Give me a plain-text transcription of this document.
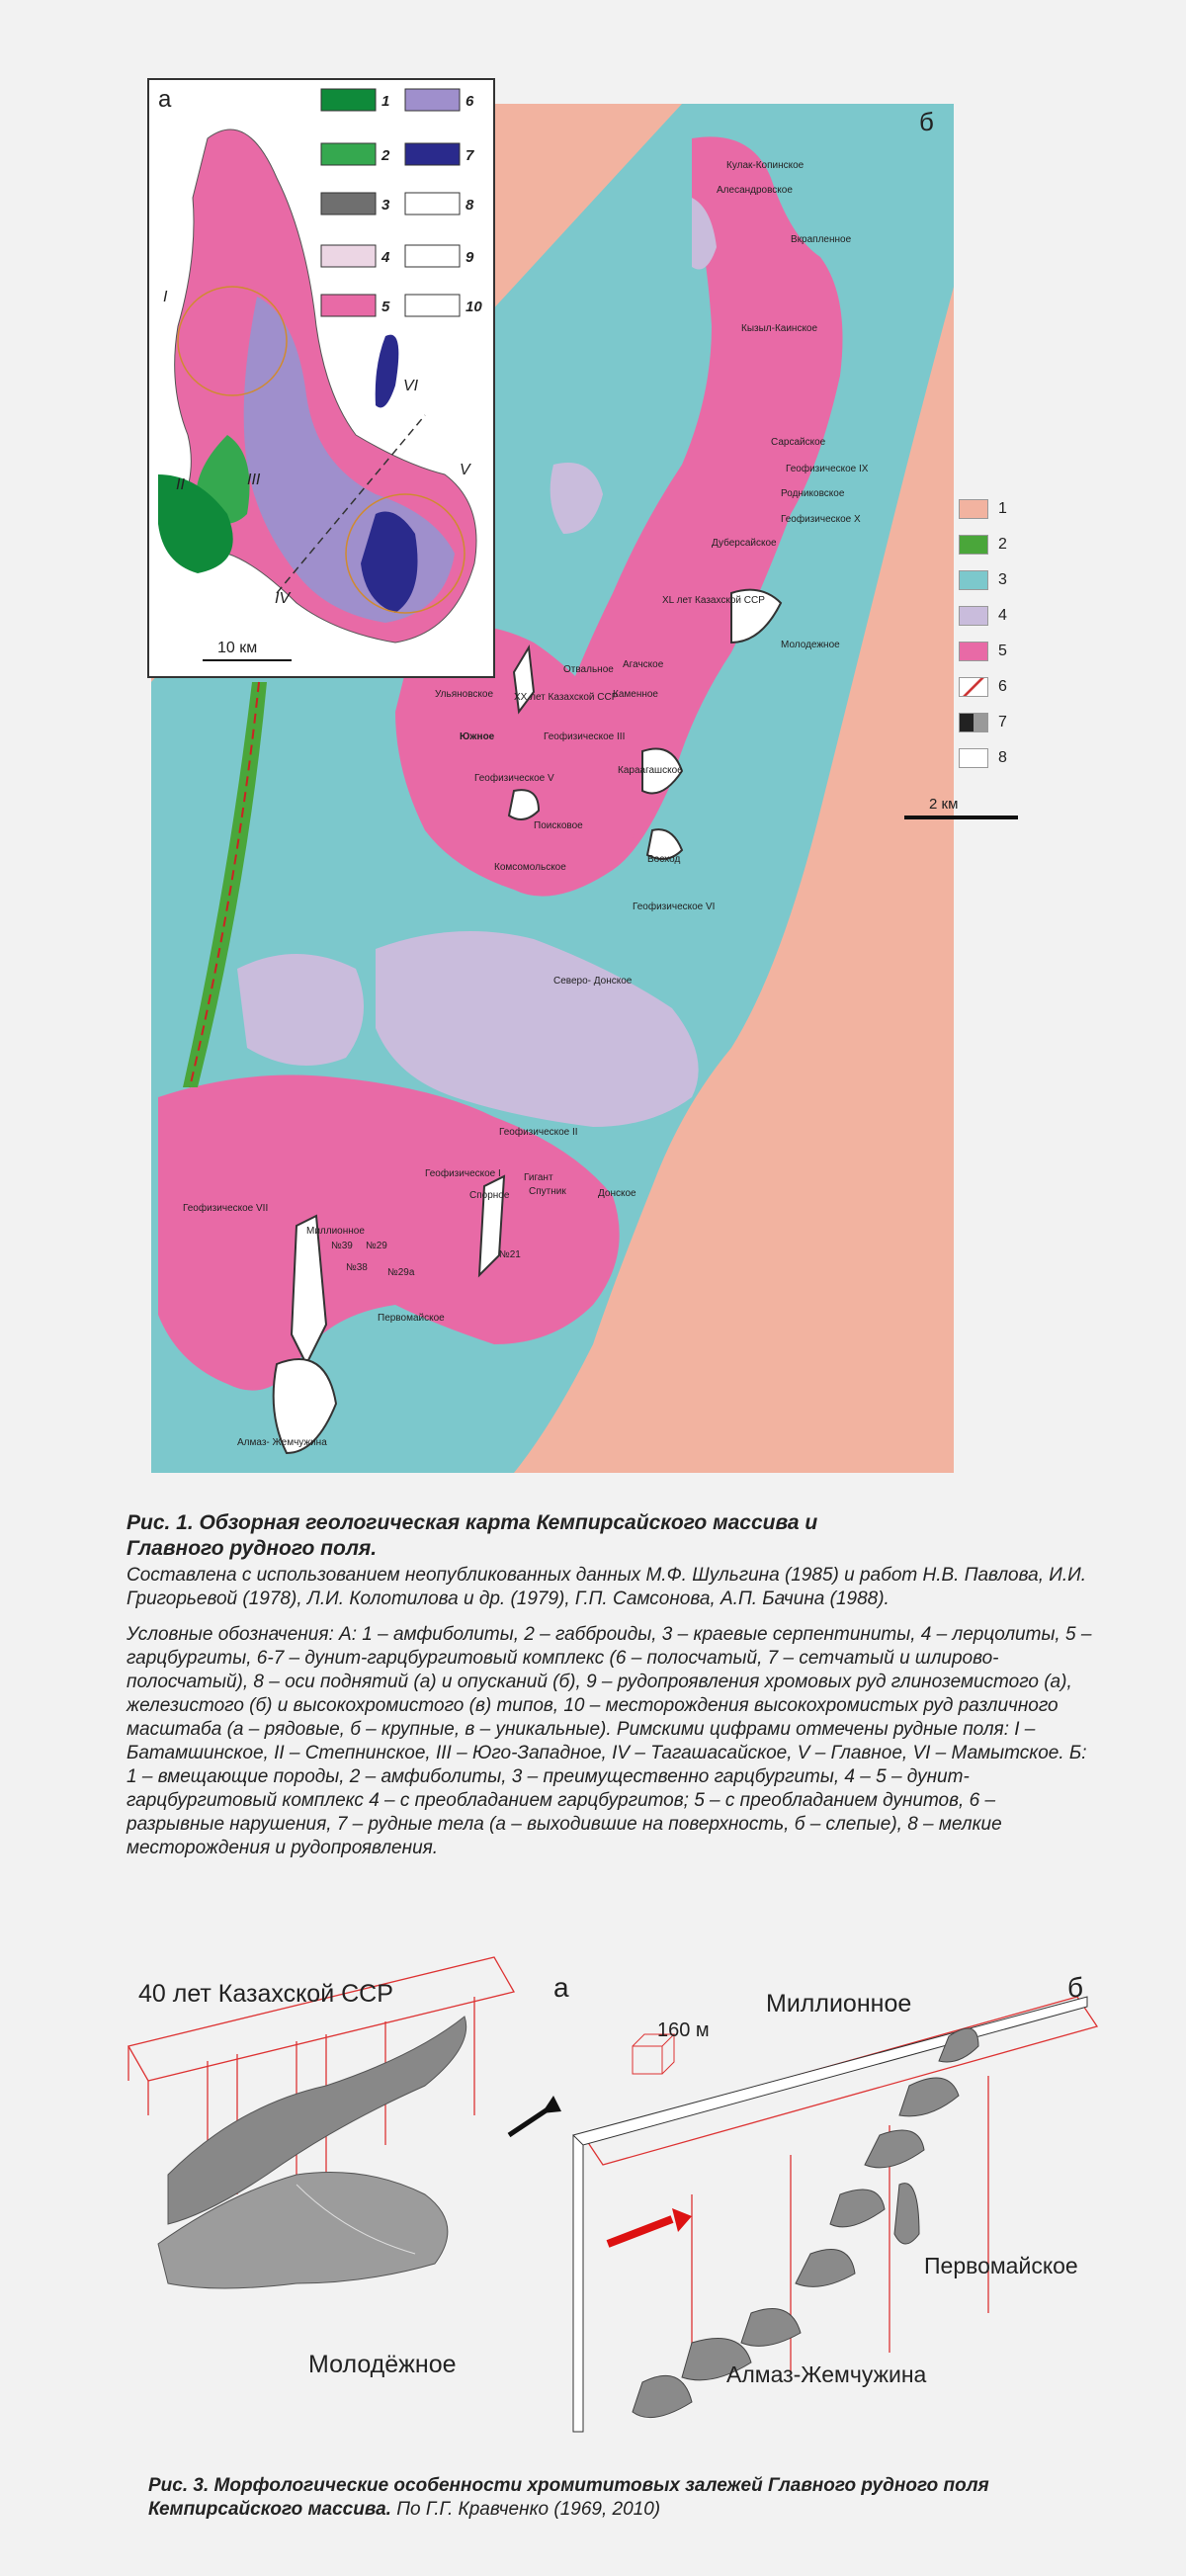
Кулак-Копинское
Алесандровское
Вкрапленное
Кызыл-Каинское
Сарсайское
Геофизическое IX
Родниковское
Геофизическое X
Дуберсайское
XL лет Казахской ССР
Молодежное
Ульяновское XX лет Казахской ССР
Отвальное Агачское
Каменное
Южное	Геофизическое III
Геофизическое V
Караагашское
Поисковое
Восход
Комсомольское
Геофизическое VI
Северо- Донское
Геофизическое II
Геофизическое I Гигант
Спорное Спутник	Донское
Геофизическое VII
Миллионное
№39 №29
№38 №29а
№21
Первомайское
Алмаз- Жемчужина
б
2 км
I
II	III
IV
V
VI
а
10 км
1
2
3
4
5
6
7
8
9
10
1
2
3
4
5
6
7
8
Рис. 1. Обзорная геологическая карта Кемпирсайского массива и Главного рудного поля.
Составлена с использованием неопубликованных данных М.Ф. Шульгина (1985) и работ Н.В. Павлова, И.И. Григорьевой (1978), Л.И. Колотилова и др. (1979), Г.П. Самсонова, А.П. Бачина (1988).
Условные обозначения: А: 1 – амфиболиты, 2 – габброиды, 3 – краевые серпентиниты, 4 – лерцолиты, 5 – гарцбургиты, 6-7 – дунит-гарцбургитовый комплекс (6 – полосчатый, 7 – сетчатый и шлирово-полосчатый), 8 – оси поднятий (а) и опусканий (б), 9 – рудопроявления хромовых руд глиноземистого (а), железистого (б) и высокохромистого (в) типов, 10 – месторождения высокохромистых руд различного масштаба (а – рядовые, б – крупные, в – уникальные). Римскими цифрами отмечены рудные поля: I – Батамшинское, II – Степнинское, III – Юго-Западное, IV – Тагашасайское, V – Главное, VI – Мамытское. Б: 1 – вмещающие породы, 2 – амфиболиты, 3 – преимущественно гарцбургиты, 4 – 5 – дунит-гарцбургитовый комплекс 4 – с преобладанием гарцбургитов; 5 – с преобладанием дунитов, 6 – разрывные нарушения, 7 – рудные тела (а – выходившие на поверхность, б – слепые), 8 – мелкие месторождения и рудопроявления.
а
40 лет Казахской ССР
Молодёжное
160 м
б
Миллионное
Первомайское
Алмаз-Жемчужина
Рис. 3. Морфологические особенности хромититовых залежей Главного рудного поля Кемпирсайского массива. По Г.Г. Кравченко (1969, 2010)
